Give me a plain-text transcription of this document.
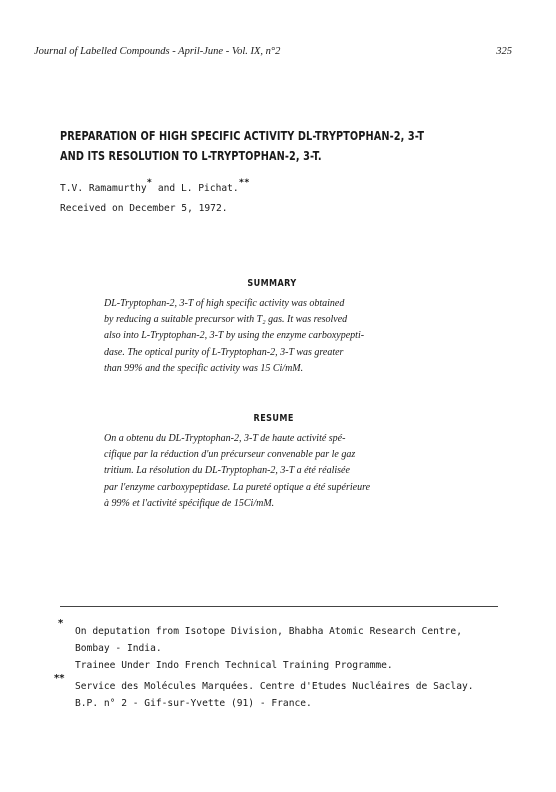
Journal of Labelled Compounds - April-June - Vol. IX, n°2	325
PREPARATION OF HIGH SPECIFIC ACTIVITY DL-TRYPTOPHAN-2, 3-T
AND ITS RESOLUTION TO L-TRYPTOPHAN-2, 3-T.
T.V. Ramamurthy* and L. Pichat.**
Received on December 5, 1972.
SUMMARY
DL-Tryptophan-2, 3-T of high specific activity was obtained
by reducing a suitable precursor with T₂ gas. It was resolved
also into L-Tryptophan-2, 3-T by using the enzyme carboxypepti-
dase. The optical purity of L-Tryptophan-2, 3-T was greater
than 99% and the specific activity was 15 Ci/mM.
RESUME
On a obtenu du DL-Tryptophan-2, 3-T de haute activité spé-
cifique par la réduction d'un précurseur convenable par le gaz
tritium. La résolution du DL-Tryptophan-2, 3-T a été réalisée
par l'enzyme carboxypeptidase. La pureté optique a été supérieure
à 99% et l'activité spécifique de 15Ci/mM.
*
On deputation from Isotope Division, Bhabha Atomic Research Centre,
Bombay - India.
Trainee Under Indo French Technical Training Programme.
**
Service des Molécules Marquées. Centre d'Etudes Nucléaires de Saclay.
B.P. n° 2 - Gif-sur-Yvette (91) - France.
